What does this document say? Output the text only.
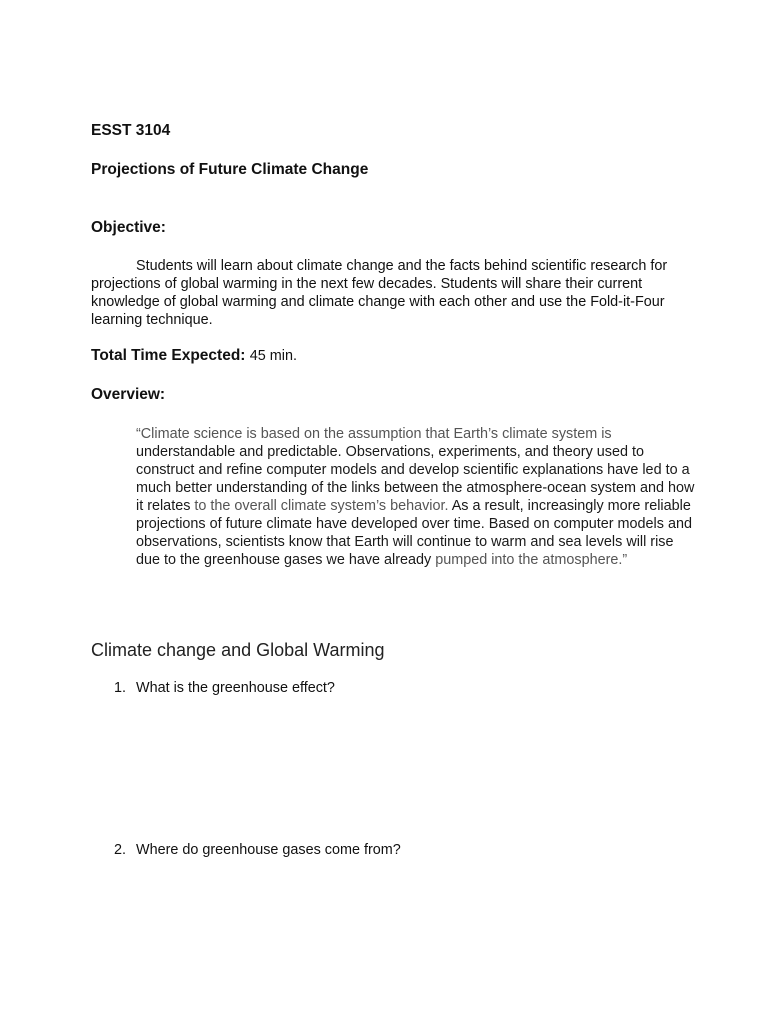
ESST 3104

Projections of Future Climate Change

Objective:

Students will learn about climate change and the facts behind scientific research for projections of global warming in the next few decades. Students will share their current knowledge of global warming and climate change with each other and use the Fold-it-Four learning technique.

Total Time Expected: 45 min.

Overview:

“Climate science is based on the assumption that Earth’s climate system is understandable and predictable. Observations, experiments, and theory used to construct and refine computer models and develop scientific explanations have led to a much better understanding of the links between the atmosphere-ocean system and how it relates to the overall climate system’s behavior. As a result, increasingly more reliable projections of future climate have developed over time. Based on computer models and observations, scientists know that Earth will continue to warm and sea levels will rise due to the greenhouse gases we have already pumped into the atmosphere.”

Climate change and Global Warming

1. What is the greenhouse effect?
2. Where do greenhouse gases come from?
